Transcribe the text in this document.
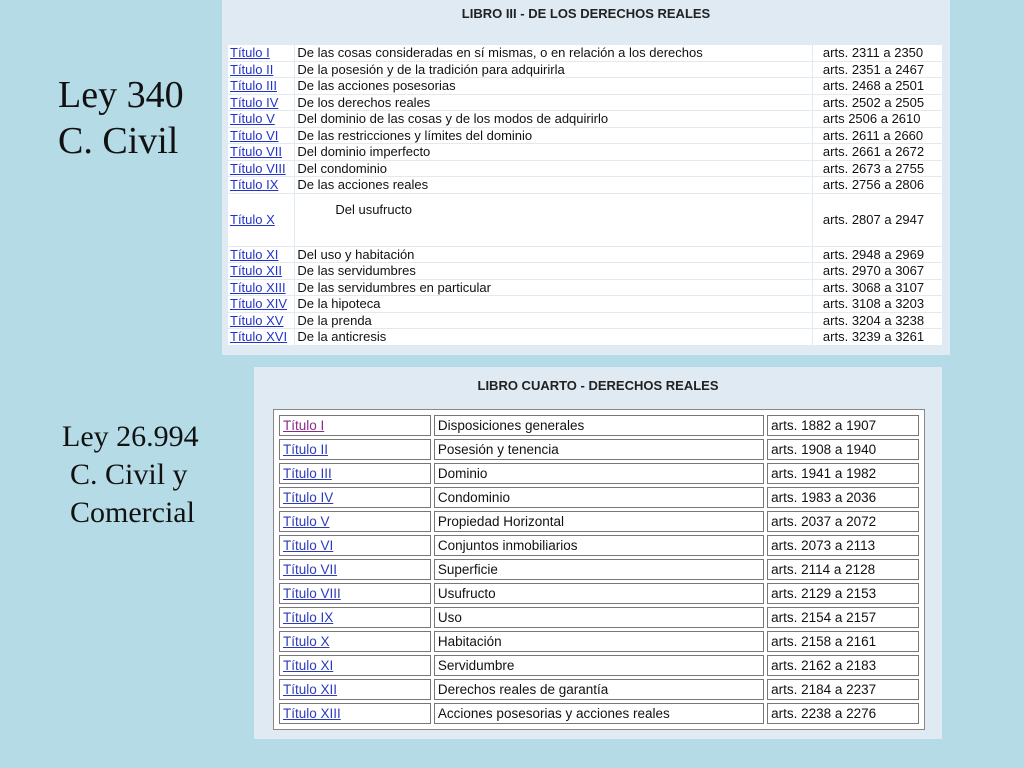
Ley 340
C. Civil
Ley 26.994
C. Civil y
Comercial
LIBRO III - DE LOS DERECHOS REALES
Título I	De las cosas consideradas en sí mismas, o en relación a los derechos	arts. 2311 a 2350
Título II	De la posesión y de la tradición para adquirirla	arts. 2351 a 2467
Título III	De las acciones posesorias	arts. 2468 a 2501
Título IV	De los derechos reales	arts. 2502 a 2505
Título V	Del dominio de las cosas y de los modos de adquirirlo	arts 2506 a 2610
Título VI	De las restricciones y límites del dominio	arts. 2611 a 2660
Título VII	Del dominio imperfecto	arts. 2661 a 2672
Título VIII	Del condominio	arts. 2673 a 2755
Título IX	De las acciones reales	arts. 2756 a 2806
Título X	Del usufructo	arts. 2807 a 2947
Título XI	Del uso y habitación	arts. 2948 a 2969
Título XII	De las servidumbres	arts. 2970 a 3067
Título XIII	De las servidumbres en particular	arts. 3068 a 3107
Título XIV	De la hipoteca	arts. 3108 a 3203
Título XV	De la prenda	arts. 3204 a 3238
Título XVI	De la anticresis	arts. 3239 a 3261
LIBRO CUARTO - DERECHOS REALES
Título I	Disposiciones generales	arts. 1882 a 1907
Título II	Posesión y tenencia	arts. 1908 a 1940
Título III	Dominio	arts. 1941 a 1982
Título IV	Condominio	arts. 1983 a 2036
Título V	Propiedad Horizontal	arts. 2037 a 2072
Título VI	Conjuntos inmobiliarios	arts. 2073 a 2113
Título VII	Superficie	arts. 2114 a 2128
Título VIII	Usufructo	arts. 2129 a 2153
Título IX	Uso	arts. 2154 a 2157
Título X	Habitación	arts. 2158 a 2161
Título XI	Servidumbre	arts. 2162 a 2183
Título XII	Derechos reales de garantía	arts. 2184 a 2237
Título XIII	Acciones posesorias y acciones reales	arts. 2238 a 2276
